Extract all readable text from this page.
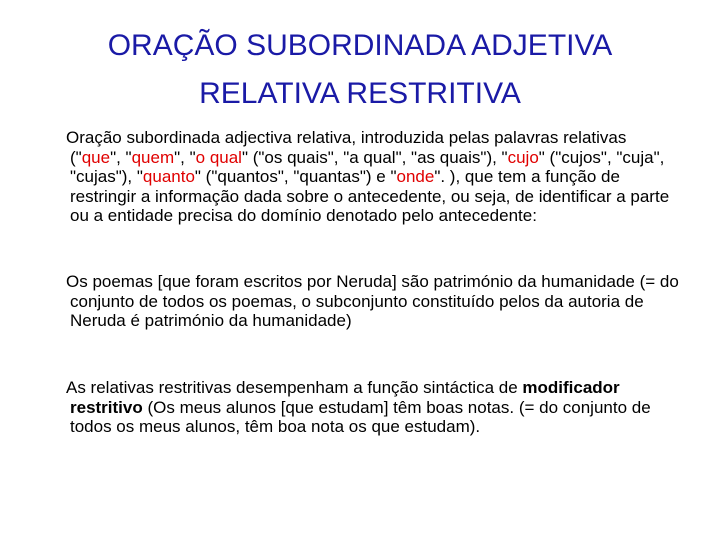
ORAÇÃO SUBORDINADA ADJETIVA
RELATIVA RESTRITIVA

Oração subordinada adjectiva relativa, introduzida pelas palavras relativas ("que", "quem", "o qual" ("os quais", "a qual", "as quais"), "cujo" ("cujos", "cuja", "cujas"), "quanto" ("quantos", "quantas") e "onde". ), que tem a função de restringir a informação dada sobre o antecedente, ou seja, de identificar a parte ou a entidade precisa do domínio denotado pelo antecedente:

Os poemas [que foram escritos por Neruda] são património da humanidade (= do conjunto de todos os poemas, o subconjunto constituído pelos da autoria de Neruda é património da humanidade)

As relativas restritivas desempenham a função sintáctica de modificador restritivo (Os meus alunos [que estudam] têm boas notas. (= do conjunto de todos os meus alunos, têm boa nota os que estudam).
